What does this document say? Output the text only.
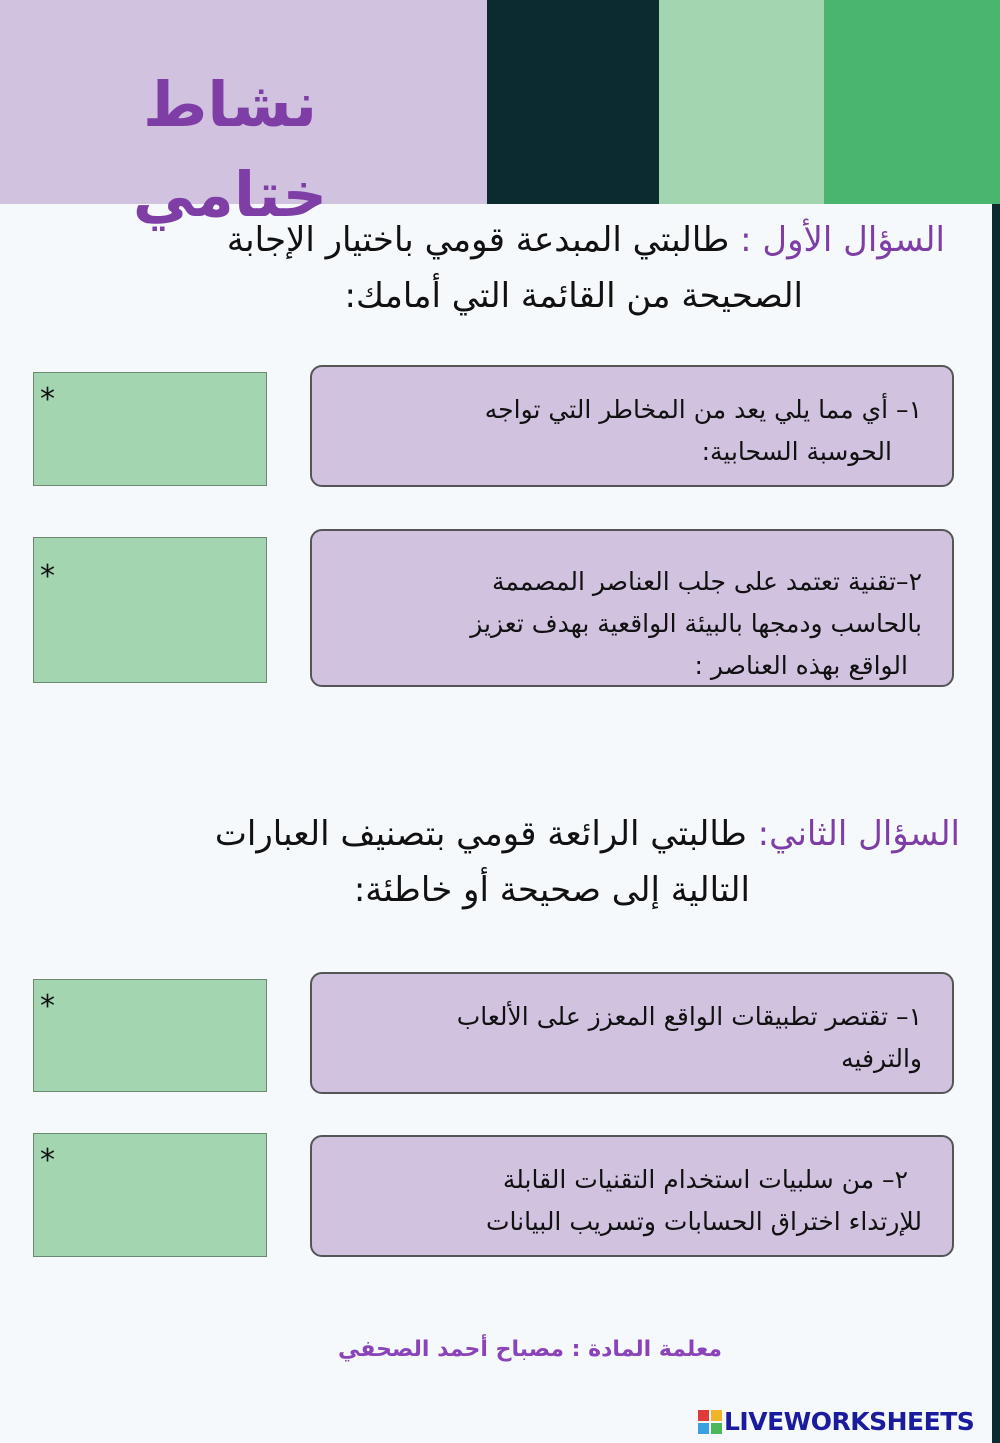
نشاط ختامي
السؤال الأول : طالبتي المبدعة قومي باختيار الإجابة
الصحيحة من القائمة التي أمامك:
١– أي مما يلي يعد من المخاطر التي تواجه
الحوسبة السحابية:
*
٢–تقنية تعتمد على جلب العناصر المصممة
بالحاسب ودمجها بالبيئة الواقعية بهدف تعزيز
الواقع بهذه العناصر :
*
السؤال الثاني: طالبتي الرائعة قومي بتصنيف العبارات
التالية إلى صحيحة أو خاطئة:
١– تقتصر تطبيقات الواقع المعزز على الألعاب
والترفيه
*
٢– من سلبيات استخدام التقنيات القابلة
للإرتداء اختراق الحسابات وتسريب البيانات
*

معلمة المادة : مصباح أحمد الصحفي

LIVEWORKSHEETS
